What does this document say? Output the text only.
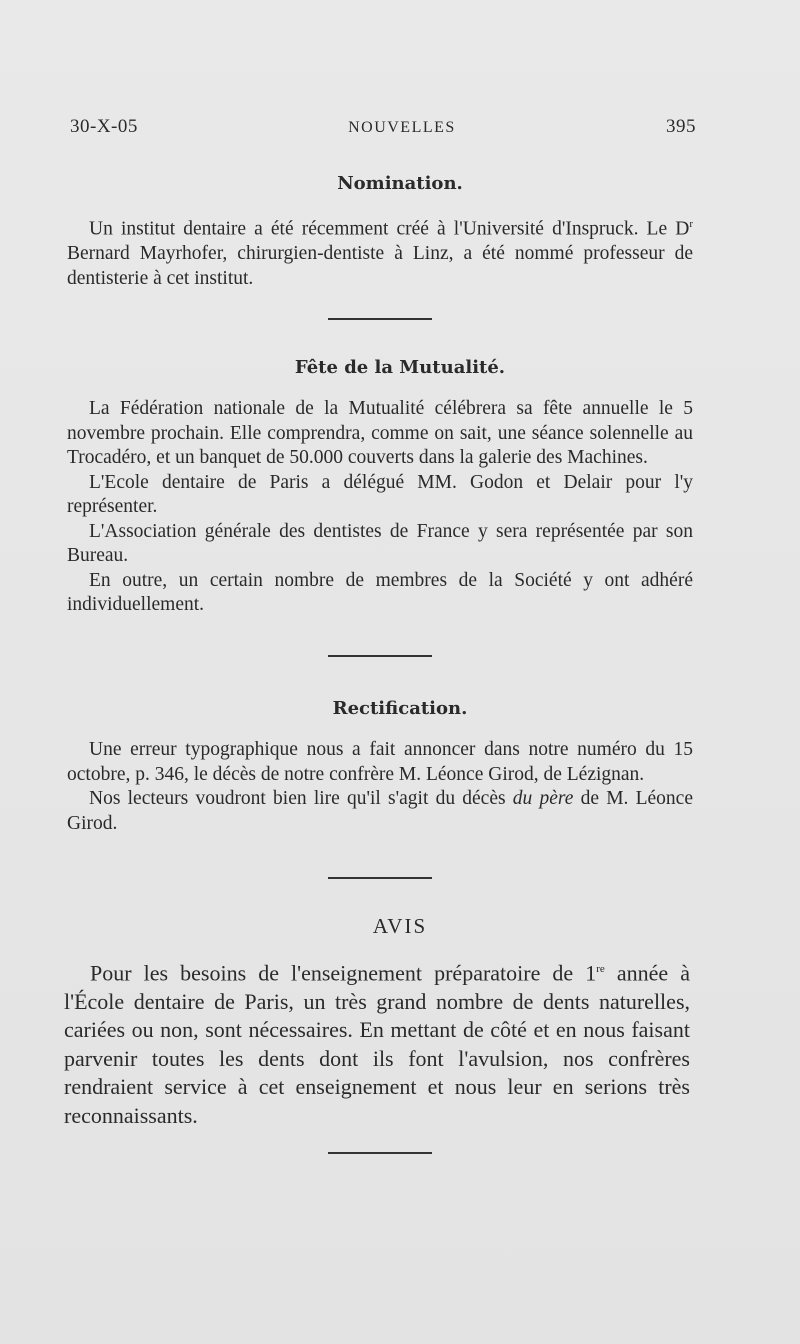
30-X-05	NOUVELLES	395
Nomination.

Un institut dentaire a été récemment créé à l'Université d'Inspruck. Le $D^r$ Bernard Mayrhofer, chirurgien-dentiste à Linz, a été nommé professeur de dentisterie à cet institut.

Fête de la Mutualité.

La Fédération nationale de la Mutualité célébrera sa fête annuelle le 5 novembre prochain. Elle comprendra, comme on sait, une séance solennelle au Trocadéro, et un banquet de 50.000 couverts dans la galerie des Machines.

L'Ecole dentaire de Paris a délégué MM. Godon et Delair pour l'y représenter.

L'Association générale des dentistes de France y sera représentée par son Bureau.

En outre, un certain nombre de membres de la Société y ont adhéré individuellement.

Rectification.

Une erreur typographique nous a fait annoncer dans notre numéro du 15 octobre, p. 346, le décès de notre confrère M. Léonce Girod, de Lézignan.

Nos lecteurs voudront bien lire qu'il s'agit du décès du père de M. Léonce Girod.

AVIS

Pour les besoins de l'enseignement préparatoire de 1re année à l'École dentaire de Paris, un très grand nombre de dents naturelles, cariées ou non, sont nécessaires. En mettant de côté et en nous faisant parvenir toutes les dents dont ils font l'avulsion, nos confrères rendraient service à cet enseignement et nous leur en serions très reconnaissants.
